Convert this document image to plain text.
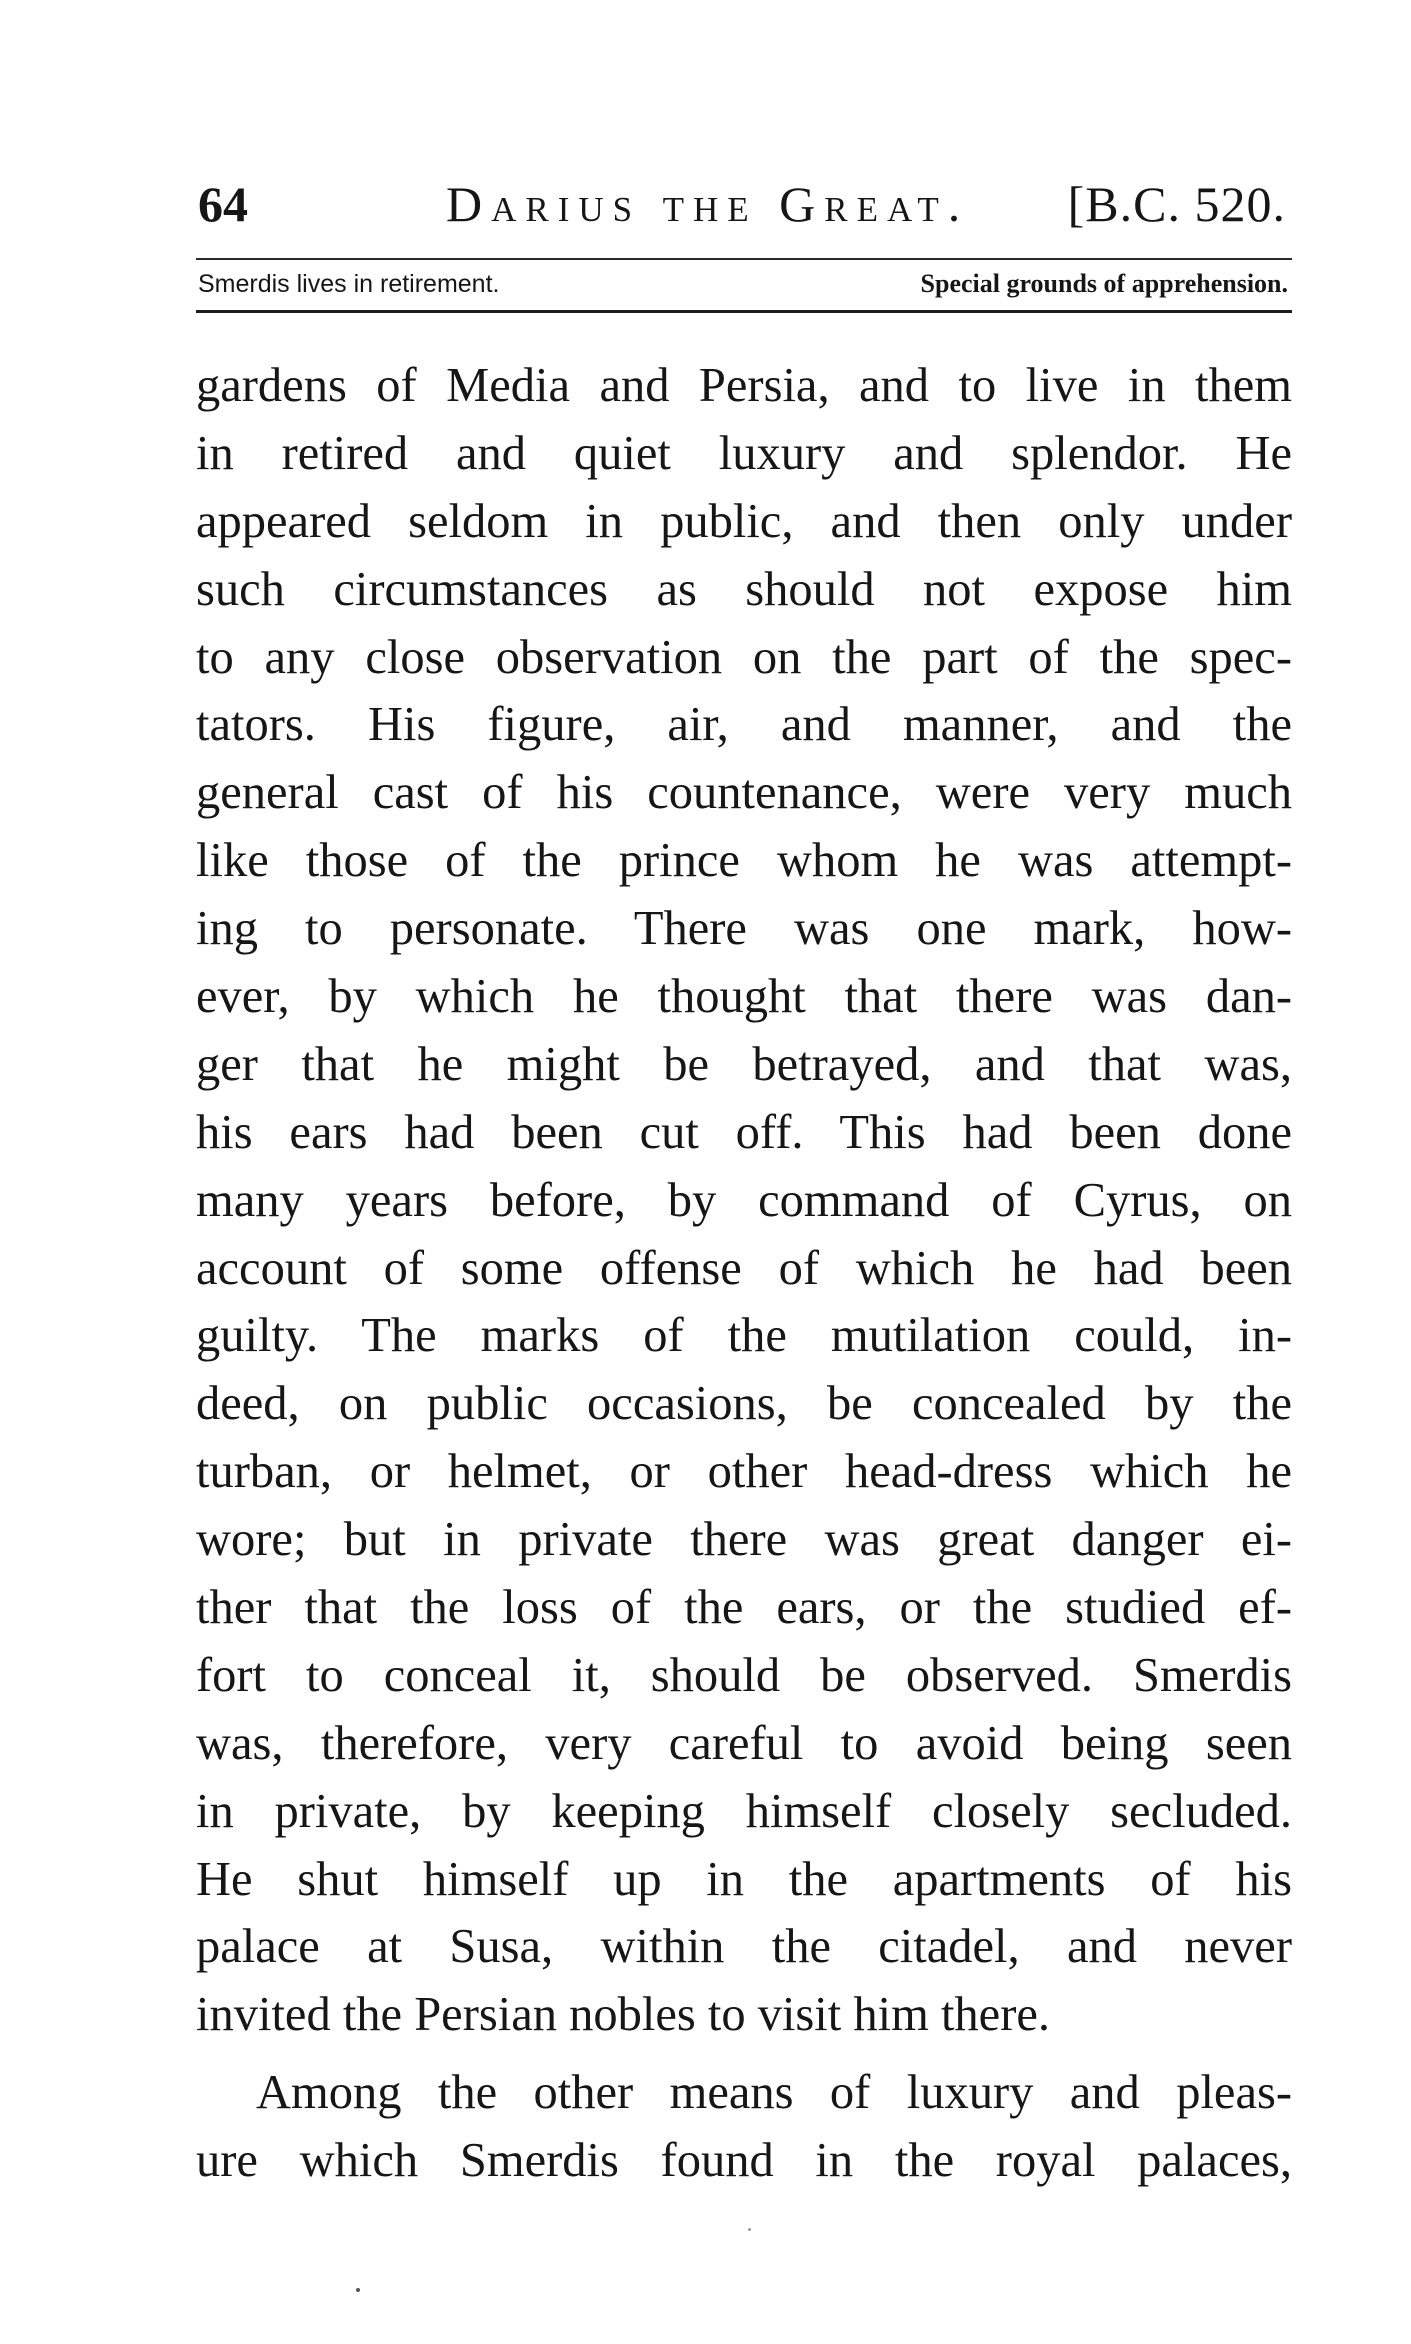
64	Darius the Great. [B.C. 520.
Smerdis lives in retirement.	Special grounds of apprehension.
gardens of Media and Persia, and to live in them
in retired and quiet luxury and splendor. He
appeared seldom in public, and then only under
such circumstances as should not expose him
to any close observation on the part of the spec-
tators. His figure, air, and manner, and the
general cast of his countenance, were very much
like those of the prince whom he was attempt-
ing to personate. There was one mark, how-
ever, by which he thought that there was dan-
ger that he might be betrayed, and that was,
his ears had been cut off. This had been done
many years before, by command of Cyrus, on
account of some offense of which he had been
guilty. The marks of the mutilation could, in-
deed, on public occasions, be concealed by the
turban, or helmet, or other head-dress which he
wore; but in private there was great danger ei-
ther that the loss of the ears, or the studied ef-
fort to conceal it, should be observed. Smerdis
was, therefore, very careful to avoid being seen
in private, by keeping himself closely secluded.
He shut himself up in the apartments of his
palace at Susa, within the citadel, and never
invited the Persian nobles to visit him there.
Among the other means of luxury and pleas-
ure which Smerdis found in the royal palaces,
